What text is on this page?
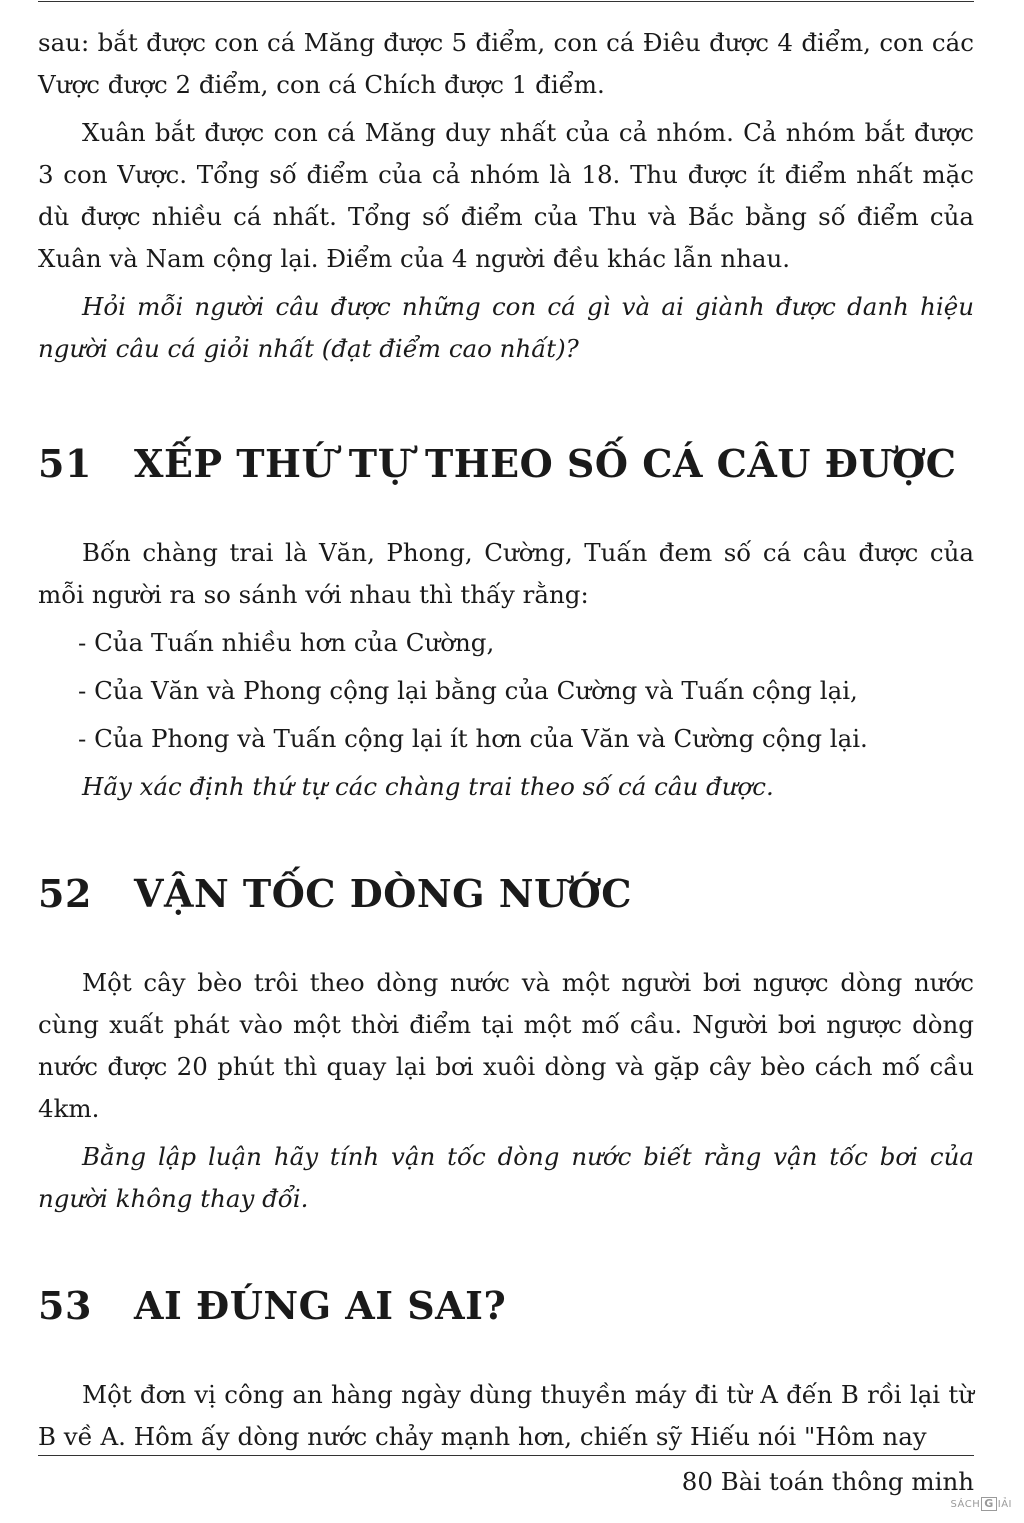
sau: bắt được con cá Măng được 5 điểm, con cá Điêu được 4 điểm, con các Vược được 2 điểm, con cá Chích được 1 điểm.

Xuân bắt được con cá Măng duy nhất của cả nhóm. Cả nhóm bắt được 3 con Vược. Tổng số điểm của cả nhóm là 18. Thu được ít điểm nhất mặc dù được nhiều cá nhất. Tổng số điểm của Thu và Bắc bằng số điểm của Xuân và Nam cộng lại. Điểm của 4 người đều khác lẫn nhau.

Hỏi mỗi người câu được những con cá gì và ai giành được danh hiệu người câu cá giỏi nhất (đạt điểm cao nhất)?

51 XẾP THỨ TỰ THEO SỐ CÁ CÂU ĐƯỢC

Bốn chàng trai là Văn, Phong, Cường, Tuấn đem số cá câu được của mỗi người ra so sánh với nhau thì thấy rằng:

- Của Tuấn nhiều hơn của Cường,

- Của Văn và Phong cộng lại bằng của Cường và Tuấn cộng lại,

- Của Phong và Tuấn cộng lại ít hơn của Văn và Cường cộng lại.

Hãy xác định thứ tự các chàng trai theo số cá câu được.

52 VẬN TỐC DÒNG NƯỚC

Một cây bèo trôi theo dòng nước và một người bơi ngược dòng nước cùng xuất phát vào một thời điểm tại một mố cầu. Người bơi ngược dòng nước được 20 phút thì quay lại bơi xuôi dòng và gặp cây bèo cách mố cầu 4km.

Bằng lập luận hãy tính vận tốc dòng nước biết rằng vận tốc bơi của người không thay đổi.

53 AI ĐÚNG AI SAI?

Một đơn vị công an hàng ngày dùng thuyền máy đi từ A đến B rồi lại từ B về A. Hôm ấy dòng nước chảy mạnh hơn, chiến sỹ Hiếu nói "Hôm nay

80 Bài toán thông minh
SÁCH G IẢI
